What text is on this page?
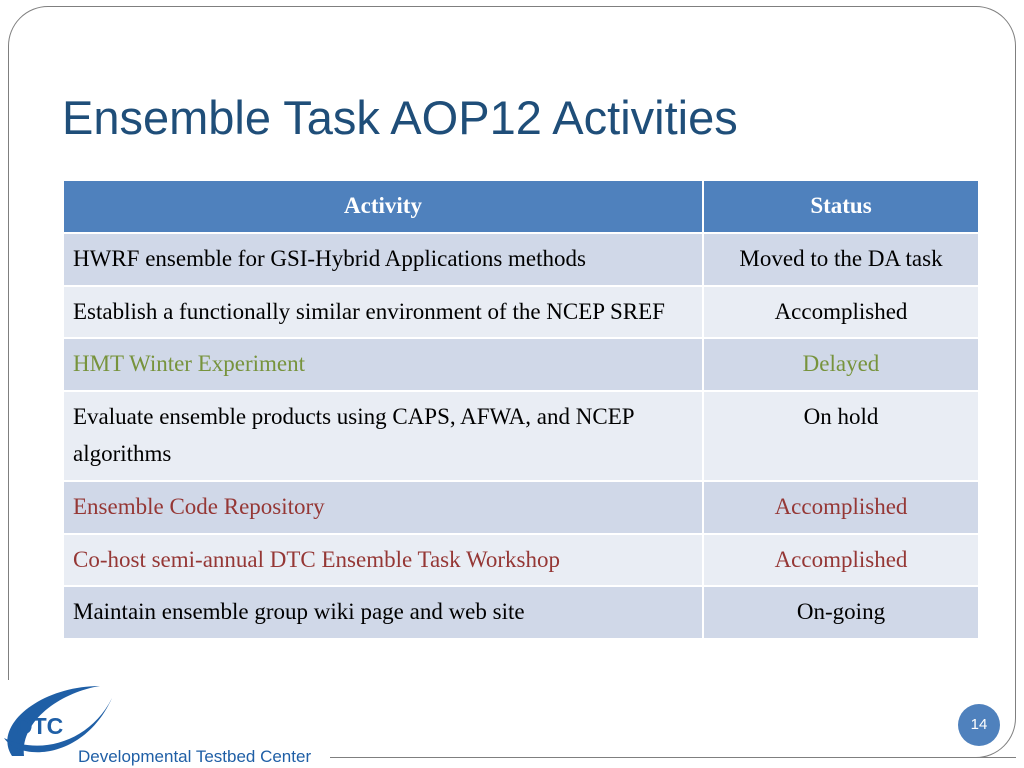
Ensemble Task AOP12 Activities
Activity	Status
HWRF ensemble for GSI-Hybrid Applications methods	Moved to the DA task
Establish a functionally similar environment of the NCEP SREF	Accomplished
HMT Winter Experiment	Delayed
Evaluate ensemble products using CAPS, AFWA, and NCEP algorithms	On hold
Ensemble Code Repository	Accomplished
Co-host semi-annual DTC Ensemble Task Workshop	Accomplished
Maintain ensemble group wiki page and web site	On-going
DTC
Developmental Testbed Center
14
